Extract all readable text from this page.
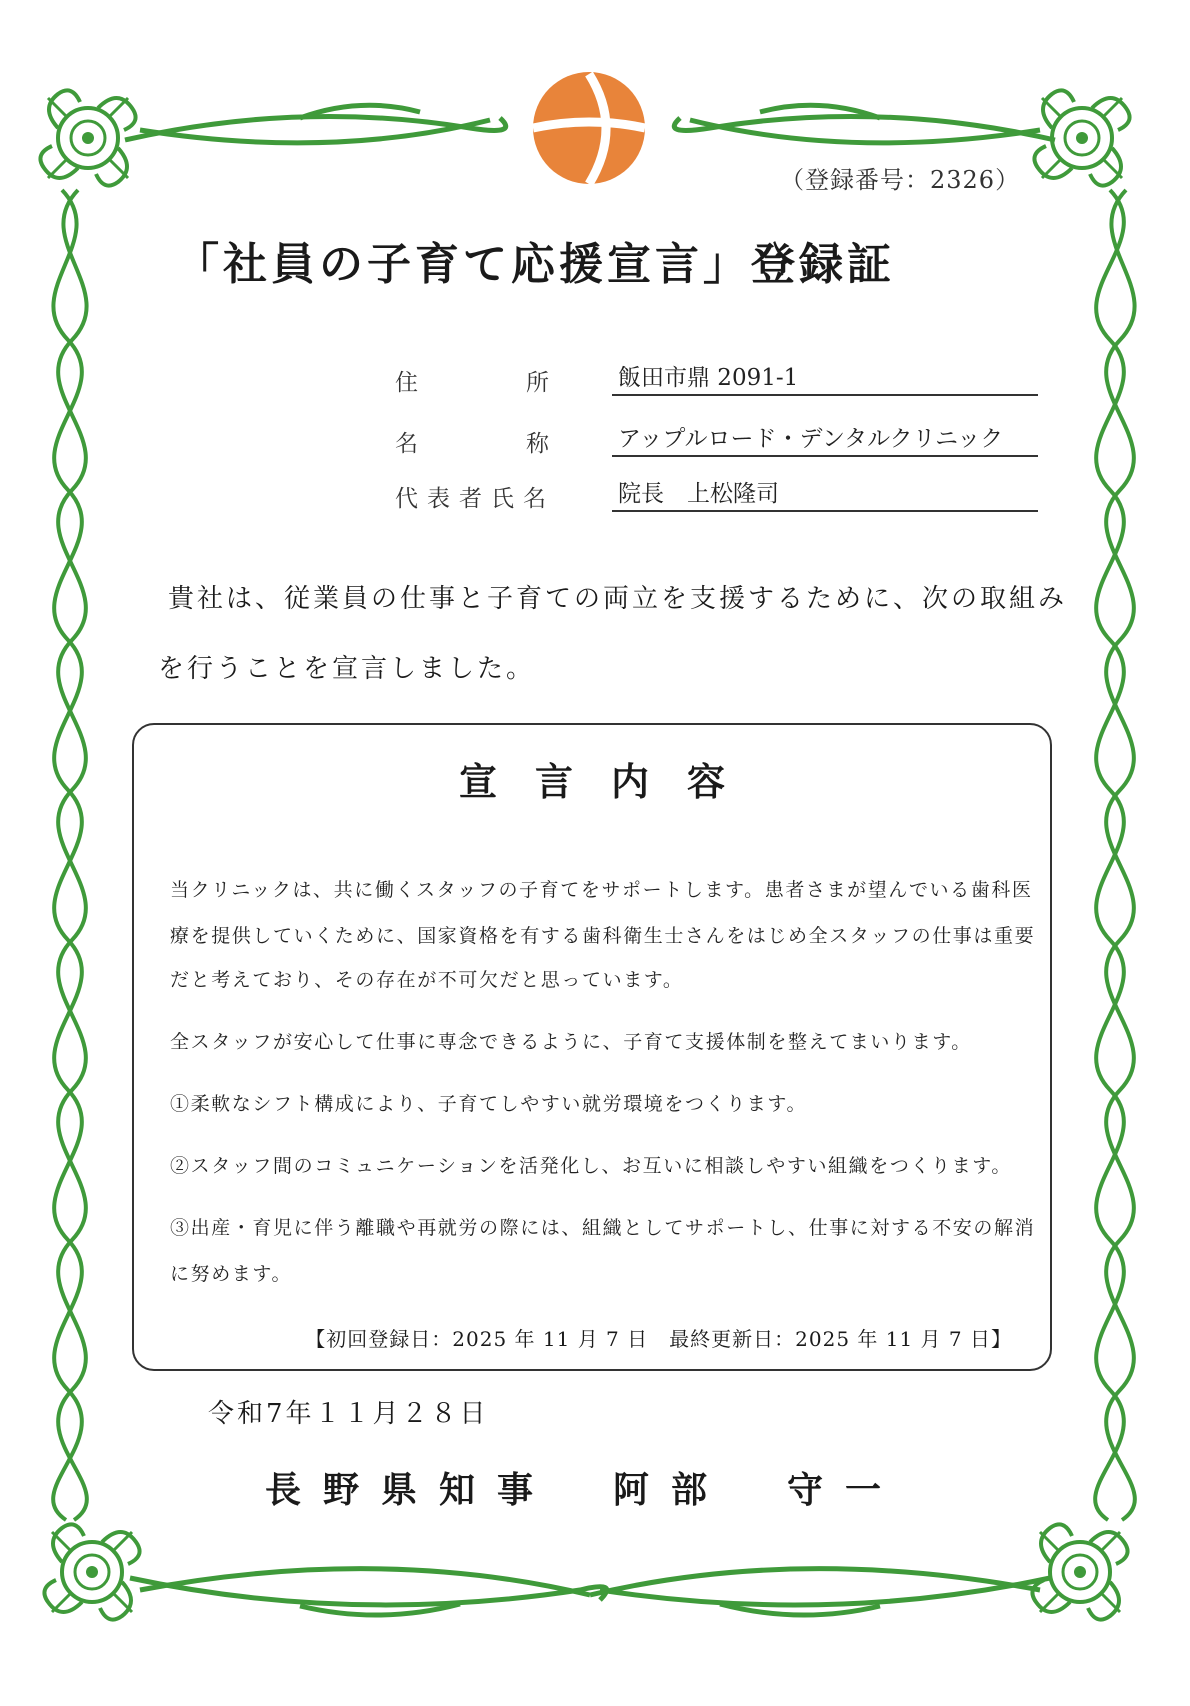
（登録番号：2326）
「社員の子育て応援宣言」登録証
住所
飯田市鼎 2091-1
名称
アップルロード・デンタルクリニック
代表者氏名	院長　上松隆司
貴社は、従業員の仕事と子育ての両立を支援するために、次の取組み
を行うことを宣言しました。
宣言内容
当クリニックは、共に働くスタッフの子育てをサポートします。患者さまが望んでいる歯科医
療を提供していくために、国家資格を有する歯科衛生士さんをはじめ全スタッフの仕事は重要
だと考えており、その存在が不可欠だと思っています。
全スタッフが安心して仕事に専念できるように、子育て支援体制を整えてまいります。
①柔軟なシフト構成により、子育てしやすい就労環境をつくります。
②スタッフ間のコミュニケーションを活発化し、お互いに相談しやすい組織をつくります。
③出産・育児に伴う離職や再就労の際には、組織としてサポートし、仕事に対する不安の解消
に努めます。
【初回登録日：2025 年 11 月 7 日　最終更新日：2025 年 11 月 7 日】
令和7年１１月２８日
長野県知事　阿部　守一
